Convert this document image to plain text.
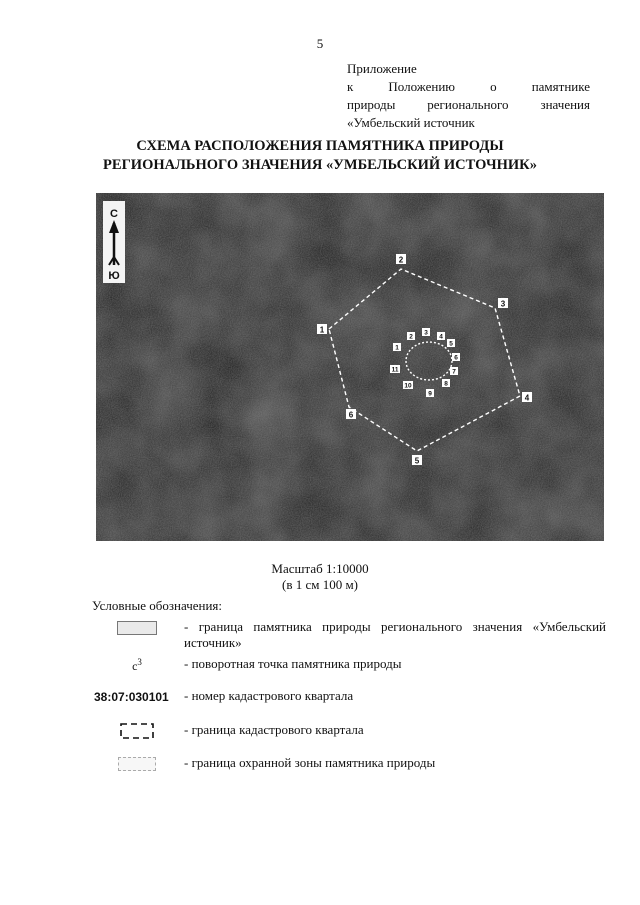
5
Приложение
к	Положению	о	памятнике
природы регионального значения
«Умбельский источник
СХЕМА РАСПОЛОЖЕНИЯ ПАМЯТНИКА ПРИРОДЫ
РЕГИОНАЛЬНОГО ЗНАЧЕНИЯ «УМБЕЛЬСКИЙ ИСТОЧНИК»
С
Ю
1
2
3
4
5
6
1
2
3
4
5
6
7
8
9
10
11
Масштаб 1:10000
(в 1 см 100 м)
Условные обозначения:
- граница памятника природы регионального значения «Умбельский источник»
$с^3$	- поворотная точка памятника природы
38:07:030101	- номер кадастрового квартала
- граница кадастрового квартала
- граница охранной зоны памятника природы
